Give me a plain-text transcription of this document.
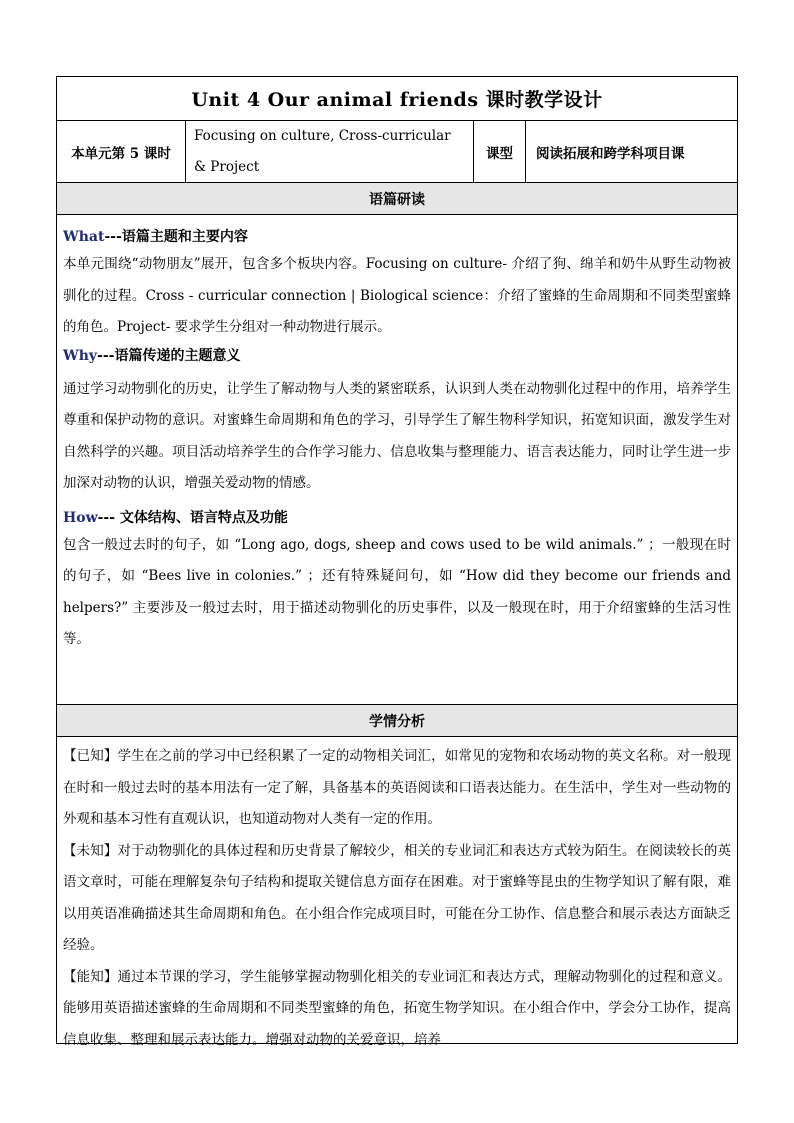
Unit 4 Our animal friends 课时教学设计
本单元第 5 课时
Focusing on culture, Cross-curricular & Project
课型	阅读拓展和跨学科项目课
语篇研读

What---语篇主题和主要内容

本单元围绕“动物朋友”展开，包含多个板块内容。Focusing on culture- 介绍了狗、绵羊和奶牛从野生动物被驯化的过程。Cross - curricular connection | Biological science：介绍了蜜蜂的生命周期和不同类型蜜蜂的角色。Project- 要求学生分组对一种动物进行展示。

Why---语篇传递的主题意义

通过学习动物驯化的历史，让学生了解动物与人类的紧密联系，认识到人类在动物驯化过程中的作用，培养学生尊重和保护动物的意识。对蜜蜂生命周期和角色的学习，引导学生了解生物科学知识，拓宽知识面，激发学生对自然科学的兴趣。项目活动培养学生的合作学习能力、信息收集与整理能力、语言表达能力，同时让学生进一步加深对动物的认识，增强关爱动物的情感。

How--- 文体结构、语言特点及功能

包含一般过去时的句子，如 “Long ago, dogs, sheep and cows used to be wild animals.” ；一般现在时的句子，如 “Bees live in colonies.” ；还有特殊疑问句，如 “How did they become our friends and helpers?” 主要涉及一般过去时，用于描述动物驯化的历史事件，以及一般现在时，用于介绍蜜蜂的生活习性等。

学情分析

【已知】学生在之前的学习中已经积累了一定的动物相关词汇，如常见的宠物和农场动物的英文名称。对一般现在时和一般过去时的基本用法有一定了解，具备基本的英语阅读和口语表达能力。在生活中，学生对一些动物的外观和基本习性有直观认识，也知道动物对人类有一定的作用。

【未知】对于动物驯化的具体过程和历史背景了解较少，相关的专业词汇和表达方式较为陌生。在阅读较长的英语文章时，可能在理解复杂句子结构和提取关键信息方面存在困难。对于蜜蜂等昆虫的生物学知识了解有限，难以用英语准确描述其生命周期和角色。在小组合作完成项目时，可能在分工协作、信息整合和展示表达方面缺乏经验。

【能知】通过本节课的学习，学生能够掌握动物驯化相关的专业词汇和表达方式，理解动物驯化的过程和意义。能够用英语描述蜜蜂的生命周期和不同类型蜜蜂的角色，拓宽生物学知识。在小组合作中，学会分工协作，提高信息收集、整理和展示表达能力。增强对动物的关爱意识，培养
